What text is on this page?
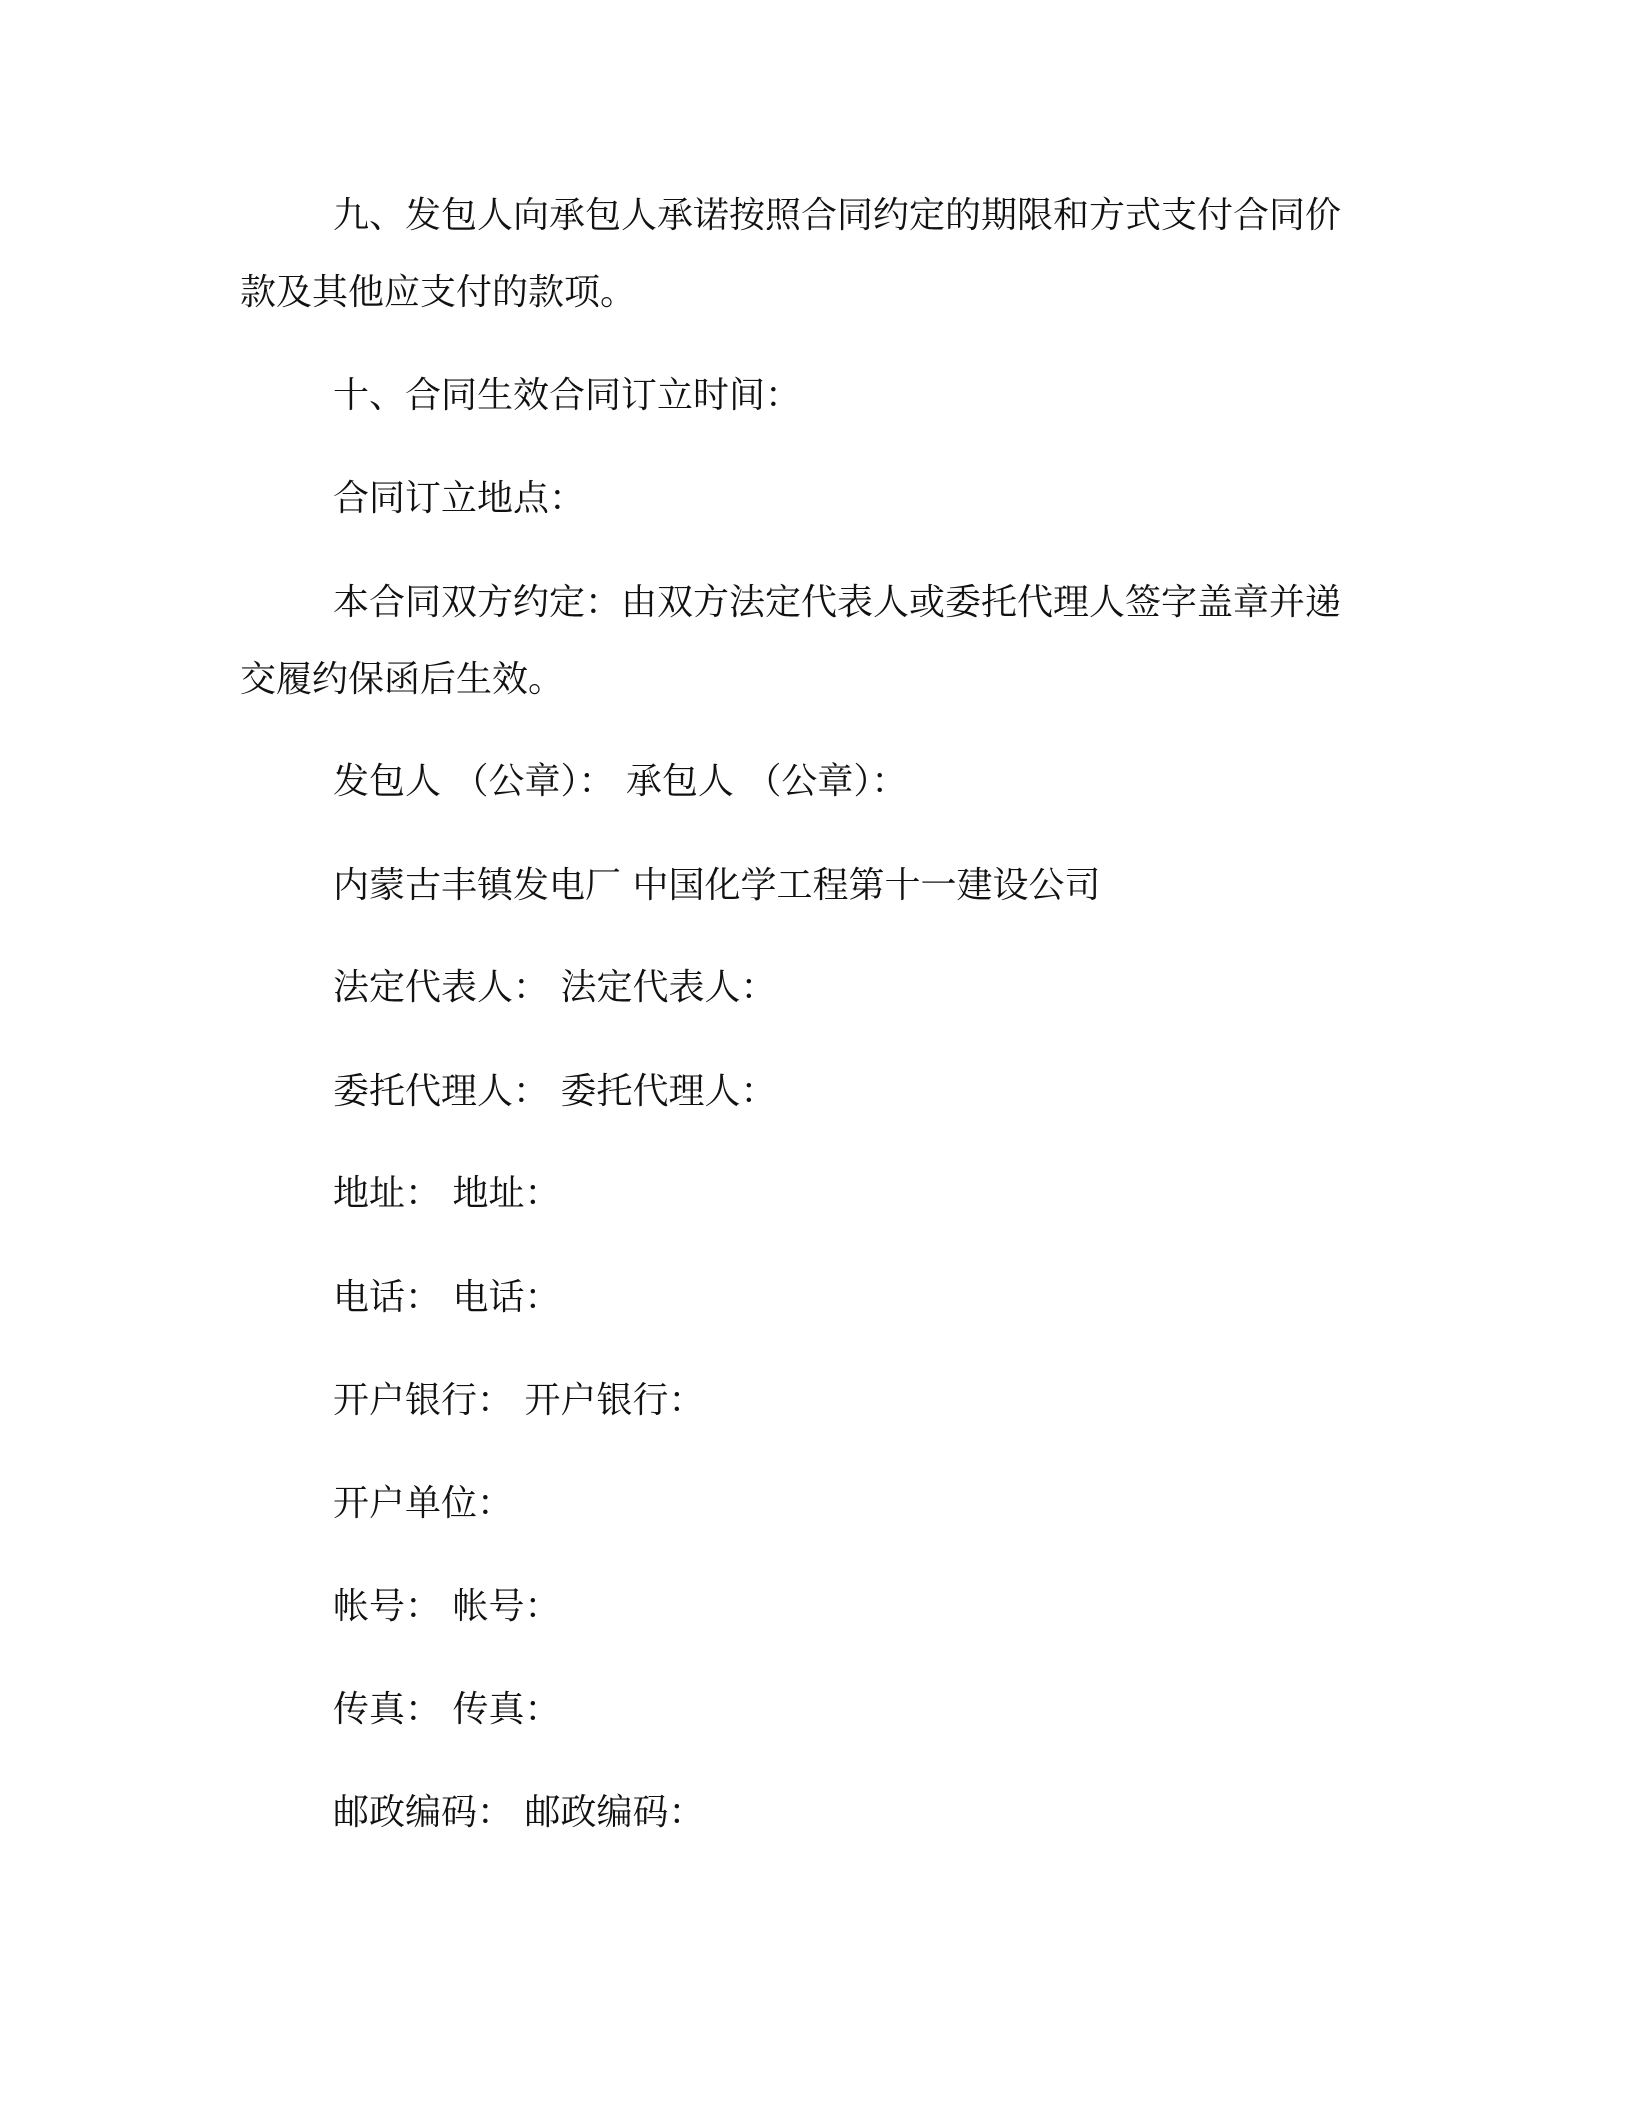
九、发包人向承包人承诺按照合同约定的期限和方式支付合同价
款及其他应支付的款项。
十、合同生效合同订立时间：
合同订立地点：
本合同双方约定：由双方法定代表人或委托代理人签字盖章并递
交履约保函后生效。
发包人 （公章）： 承包人 （公章）：
内蒙古丰镇发电厂 中国化学工程第十一建设公司
法定代表人： 法定代表人：
委托代理人： 委托代理人：
地址： 地址：
电话： 电话：
开户银行： 开户银行：
开户单位：
帐号： 帐号：
传真： 传真：
邮政编码： 邮政编码：
